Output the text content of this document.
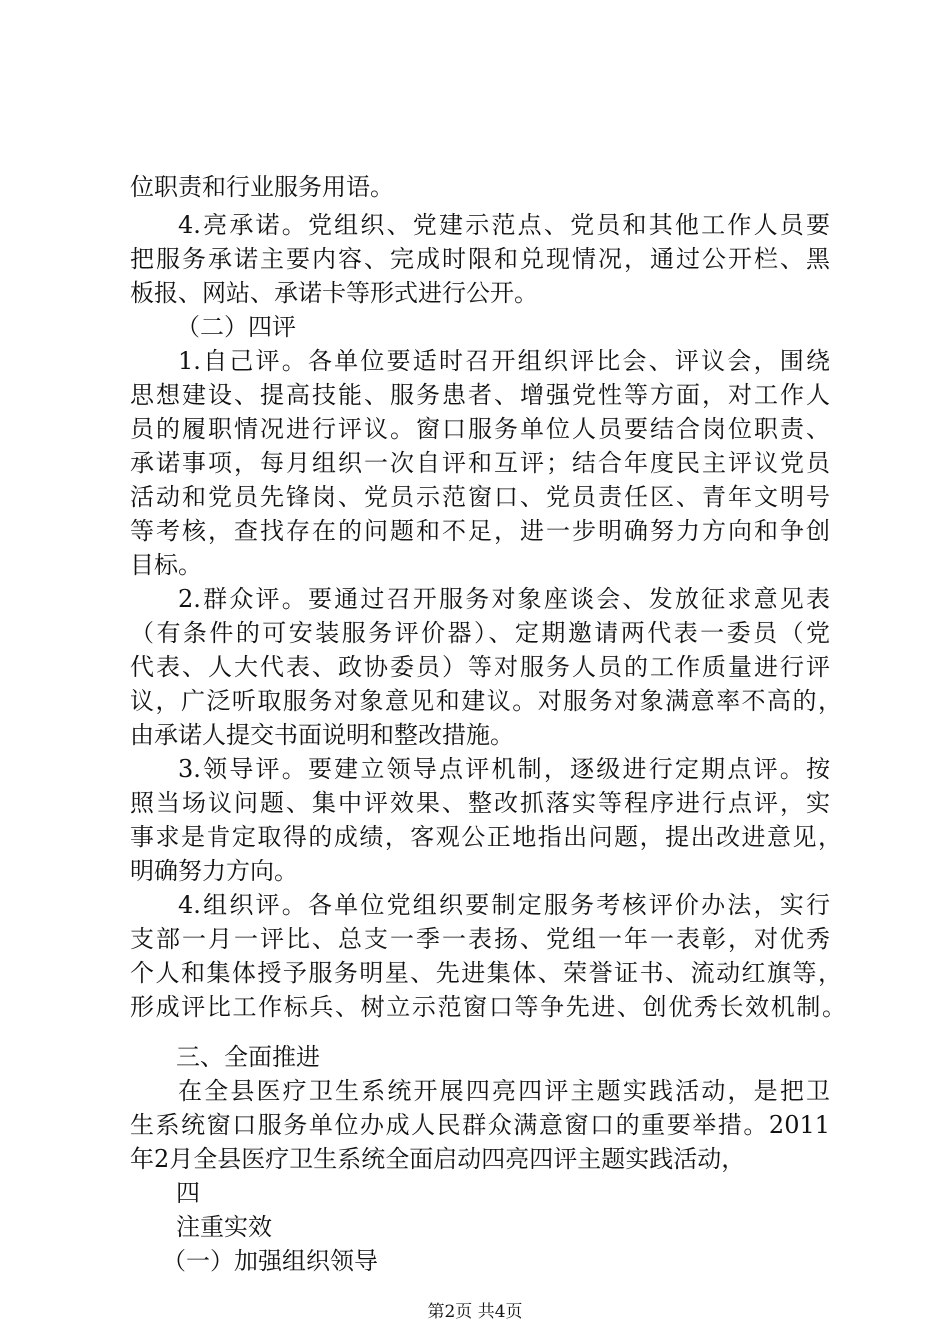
位职责和行业服务用语。
4.亮承诺。党组织、党建示范点、党员和其他工作人员要
把服务承诺主要内容、完成时限和兑现情况，通过公开栏、黑
板报、网站、承诺卡等形式进行公开。
（二）四评
1.自己评。各单位要适时召开组织评比会、评议会，围绕
思想建设、提高技能、服务患者、增强党性等方面，对工作人
员的履职情况进行评议。窗口服务单位人员要结合岗位职责、
承诺事项，每月组织一次自评和互评；结合年度民主评议党员
活动和党员先锋岗、党员示范窗口、党员责任区、青年文明号
等考核，查找存在的问题和不足，进一步明确努力方向和争创
目标。
2.群众评。要通过召开服务对象座谈会、发放征求意见表
（有条件的可安装服务评价器）、定期邀请两代表一委员（党
代表、人大代表、政协委员）等对服务人员的工作质量进行评
议，广泛听取服务对象意见和建议。对服务对象满意率不高的，
由承诺人提交书面说明和整改措施。
3.领导评。要建立领导点评机制，逐级进行定期点评。按
照当场议问题、集中评效果、整改抓落实等程序进行点评，实
事求是肯定取得的成绩，客观公正地指出问题，提出改进意见，
明确努力方向。
4.组织评。各单位党组织要制定服务考核评价办法，实行
支部一月一评比、总支一季一表扬、党组一年一表彰，对优秀
个人和集体授予服务明星、先进集体、荣誉证书、流动红旗等，
形成评比工作标兵、树立示范窗口等争先进、创优秀长效机制。
三、全面推进
在全县医疗卫生系统开展四亮四评主题实践活动，是把卫
生系统窗口服务单位办成人民群众满意窗口的重要举措。2011
年2月全县医疗卫生系统全面启动四亮四评主题实践活动，
四
注重实效
（一）加强组织领导
第2页 共4页
